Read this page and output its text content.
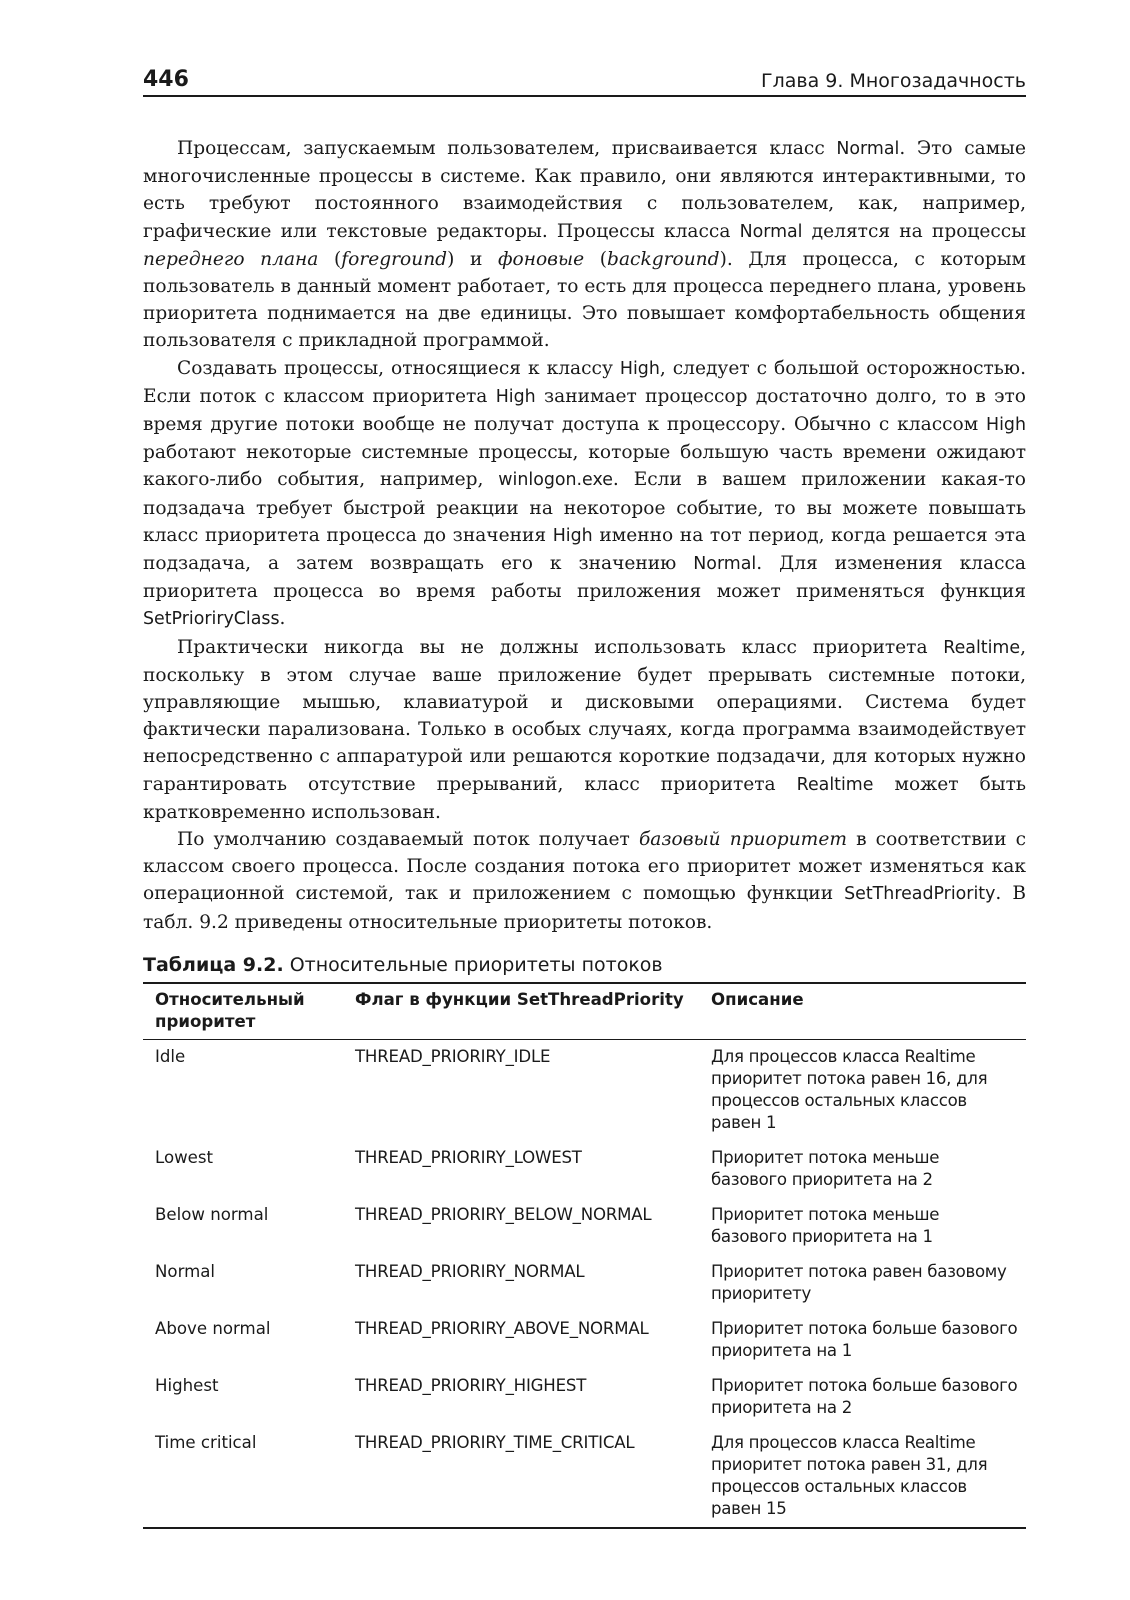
446	Глава 9. Многозадачность

Процессам, запускаемым пользователем, присваивается класс Normal. Это самые многочисленные процессы в системе. Как правило, они являются интерактивными, то есть требуют постоянного взаимодействия с пользователем, как, например, графические или текстовые редакторы. Процессы класса Normal делятся на процессы переднего плана (foreground) и фоновые (background). Для процесса, с которым пользователь в данный момент работает, то есть для процесса переднего плана, уровень приоритета поднимается на две единицы. Это повышает комфортабельность общения пользователя с прикладной программой.

Создавать процессы, относящиеся к классу High, следует с большой осторожностью. Если поток с классом приоритета High занимает процессор достаточно долго, то в это время другие потоки вообще не получат доступа к процессору. Обычно с классом High работают некоторые системные процессы, которые большую часть времени ожидают какого-либо события, например, winlogon.exe. Если в вашем приложении какая-то подзадача требует быстрой реакции на некоторое событие, то вы можете повышать класс приоритета процесса до значения High именно на тот период, когда решается эта подзадача, а затем возвращать его к значению Normal. Для изменения класса приоритета процесса во время работы приложения может применяться функция SetPrioriryClass.

Практически никогда вы не должны использовать класс приоритета Realtime, поскольку в этом случае ваше приложение будет прерывать системные потоки, управляющие мышью, клавиатурой и дисковыми операциями. Система будет фактически парализована. Только в особых случаях, когда программа взаимодействует непосредственно с аппаратурой или решаются короткие подзадачи, для которых нужно гарантировать отсутствие прерываний, класс приоритета Realtime может быть кратковременно использован.

По умолчанию создаваемый поток получает базовый приоритет в соответствии с классом своего процесса. После создания потока его приоритет может изменяться как операционной системой, так и приложением с помощью функции SetThreadPriority. В табл. 9.2 приведены относительные приоритеты потоков.

Таблица 9.2. Относительные приоритеты потоков
Относительный приоритет	Флаг в функции SetThreadPriority	Описание
Idle	THREAD_PRIORIRY_IDLE	Для процессов класса Realtime приоритет потока равен 16, для процессов остальных классов равен 1
Lowest	THREAD_PRIORIRY_LOWEST	Приоритет потока меньше базового приоритета на 2
Below normal	THREAD_PRIORIRY_BELOW_NORMAL	Приоритет потока меньше базового приоритета на 1
Normal	THREAD_PRIORIRY_NORMAL	Приоритет потока равен базовому приоритету
Above normal	THREAD_PRIORIRY_ABOVE_NORMAL	Приоритет потока больше базового приоритета на 1
Highest	THREAD_PRIORIRY_HIGHEST	Приоритет потока больше базового приоритета на 2
Time critical	THREAD_PRIORIRY_TIME_CRITICAL	Для процессов класса Realtime приоритет потока равен 31, для процессов остальных классов равен 15
